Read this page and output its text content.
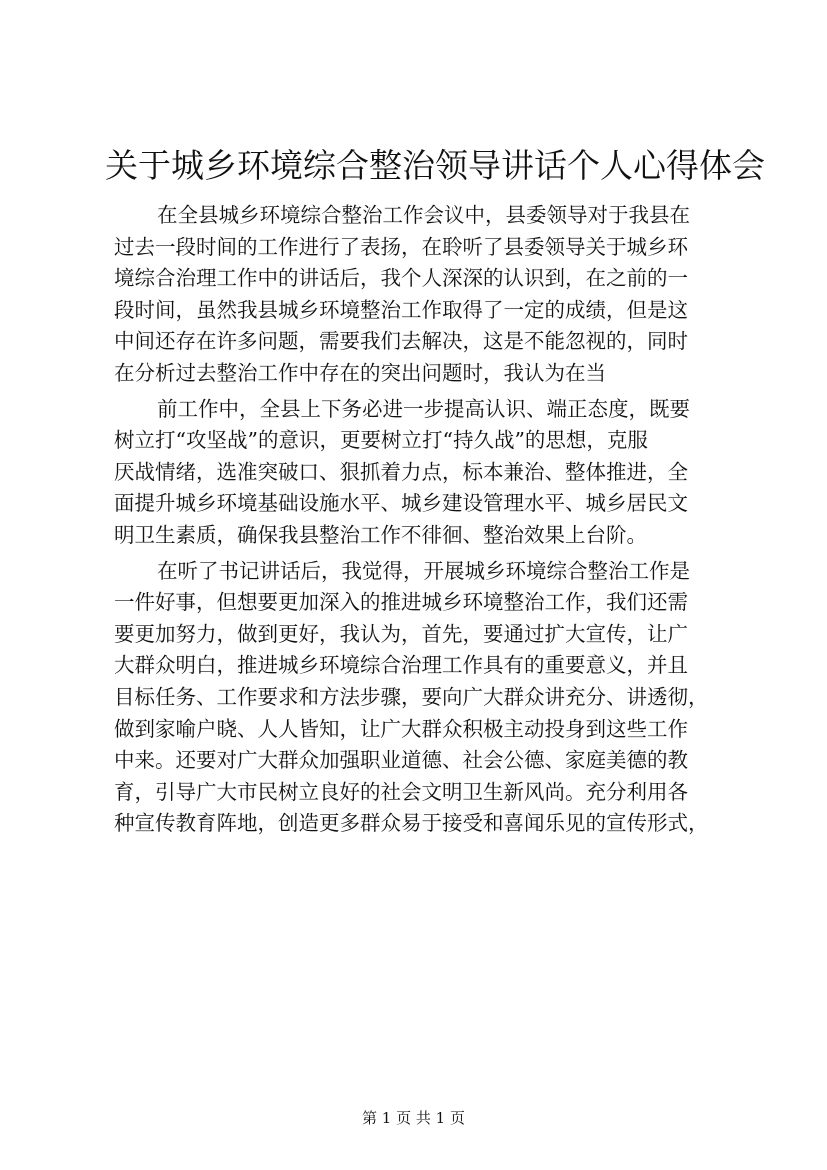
关于城乡环境综合整治领导讲话个人心得体会
在全县城乡环境综合整治工作会议中，县委领导对于我县在
过去一段时间的工作进行了表扬，在聆听了县委领导关于城乡环
境综合治理工作中的讲话后，我个人深深的认识到，在之前的一
段时间，虽然我县城乡环境整治工作取得了一定的成绩，但是这
中间还存在许多问题，需要我们去解决，这是不能忽视的，同时
在分析过去整治工作中存在的突出问题时，我认为在当
前工作中，全县上下务必进一步提高认识、端正态度，既要
树立打“攻坚战”的意识，更要树立打“持久战”的思想，克服
厌战情绪，选准突破口、狠抓着力点，标本兼治、整体推进，全
面提升城乡环境基础设施水平、城乡建设管理水平、城乡居民文
明卫生素质，确保我县整治工作不徘徊、整治效果上台阶。
在听了书记讲话后，我觉得，开展城乡环境综合整治工作是
一件好事，但想要更加深入的推进城乡环境整治工作，我们还需
要更加努力，做到更好，我认为，首先，要通过扩大宣传，让广
大群众明白，推进城乡环境综合治理工作具有的重要意义，并且
目标任务、工作要求和方法步骤，要向广大群众讲充分、讲透彻，
做到家喻户晓、人人皆知，让广大群众积极主动投身到这些工作
中来。还要对广大群众加强职业道德、社会公德、家庭美德的教
育，引导广大市民树立良好的社会文明卫生新风尚。充分利用各
种宣传教育阵地，创造更多群众易于接受和喜闻乐见的宣传形式，
第 1 页 共 1 页
